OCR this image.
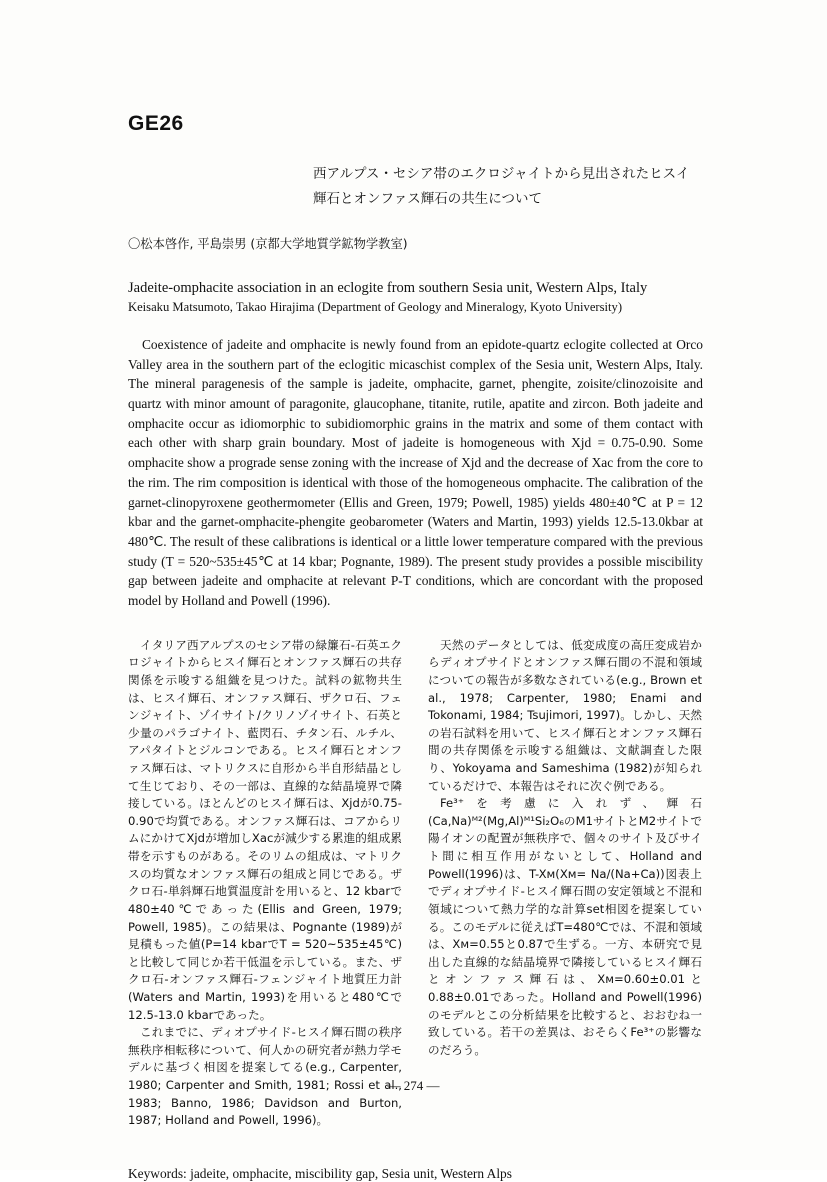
GE26
西アルプス・セシア帯のエクロジャイトから見出されたヒスイ
輝石とオンファス輝石の共生について
〇松本啓作, 平島崇男 (京都大学地質学鉱物学教室)
Jadeite-omphacite association in an eclogite from southern Sesia unit, Western Alps, Italy
Keisaku Matsumoto, Takao Hirajima (Department of Geology and Mineralogy, Kyoto University)
Coexistence of jadeite and omphacite is newly found from an epidote-quartz eclogite collected at Orco Valley area in the southern part of the eclogitic micaschist complex of the Sesia unit, Western Alps, Italy. The mineral paragenesis of the sample is jadeite, omphacite, garnet, phengite, zoisite/clinozoisite and quartz with minor amount of paragonite, glaucophane, titanite, rutile, apatite and zircon. Both jadeite and omphacite occur as idiomorphic to subidiomorphic grains in the matrix and some of them contact with each other with sharp grain boundary. Most of jadeite is homogeneous with Xjd = 0.75-0.90. Some omphacite show a prograde sense zoning with the increase of Xjd and the decrease of Xac from the core to the rim. The rim composition is identical with those of the homogeneous omphacite. The calibration of the garnet-clinopyroxene geothermometer (Ellis and Green, 1979; Powell, 1985) yields 480±40℃ at P = 12 kbar and the garnet-omphacite-phengite geobarometer (Waters and Martin, 1993) yields 12.5-13.0kbar at 480℃. The result of these calibrations is identical or a little lower temperature compared with the previous study (T = 520~535±45℃ at 14 kbar; Pognante, 1989). The present study provides a possible miscibility gap between jadeite and omphacite at relevant P-T conditions, which are concordant with the proposed model by Holland and Powell (1996).

イタリア西アルプスのセシア帯の緑簾石-石英エクロジャイトからヒスイ輝石とオンファス輝石の共存関係を示唆する組織を見つけた。試料の鉱物共生は、ヒスイ輝石、オンファス輝石、ザクロ石、フェンジャイト、ゾイサイト/クリノゾイサイト、石英と少量のパラゴナイト、藍閃石、チタン石、ルチル、アパタイトとジルコンである。ヒスイ輝石とオンファス輝石は、マトリクスに自形から半自形結晶として生じており、その一部は、直線的な結晶境界で隣接している。ほとんどのヒスイ輝石は、Xjdが0.75-0.90で均質である。オンファス輝石は、コアからリムにかけてXjdが増加しXacが減少する累進的組成累帯を示すものがある。そのリムの組成は、マトリクスの均質なオンファス輝石の組成と同じである。ザクロ石-単斜輝石地質温度計を用いると、12 kbarで480±40℃であった(Ellis and Green, 1979; Powell, 1985)。この結果は、Pognante (1989)が見積もった値(P=14 kbarでT = 520~535±45℃)と比較して同じか若干低温を示している。また、ザクロ石-オンファス輝石-フェンジャイト地質圧力計(Waters and Martin, 1993)を用いると480℃で12.5-13.0 kbarであった。

これまでに、ディオプサイド-ヒスイ輝石間の秩序無秩序相転移について、何人かの研究者が熱力学モデルに基づく相図を提案してる(e.g., Carpenter, 1980; Carpenter and Smith, 1981; Rossi et al., 1983; Banno, 1986; Davidson and Burton, 1987; Holland and Powell, 1996)。

天然のデータとしては、低変成度の高圧変成岩からディオプサイドとオンファス輝石間の不混和領域についての報告が多数なされている(e.g., Brown et al., 1978; Carpenter, 1980; Enami and Tokonami, 1984; Tsujimori, 1997)。しかし、天然の岩石試料を用いて、ヒスイ輝石とオンファス輝石間の共存関係を示唆する組織は、文献調査した限り、Yokoyama and Sameshima (1982)が知られているだけで、本報告はそれに次ぐ例である。

Fe³⁺を考慮に入れず、輝石(Ca,Na)ᴹ²(Mg,Al)ᴹ¹Si₂O₆のM1サイトとM2サイトで陽イオンの配置が無秩序で、個々のサイト及びサイト間に相互作用がないとして、Holland and Powell(1996)は、T-Xм(Xм= Na/(Na+Ca))図表上でディオプサイド-ヒスイ輝石間の安定領域と不混和領域について熱力学的な計算set相図を提案している。このモデルに従えばT=480℃では、不混和領域は、Xм=0.55と0.87で生ずる。一方、本研究で見出した直線的な結晶境界で隣接しているヒスイ輝石とオンファス輝石は、Xм=0.60±0.01と0.88±0.01であった。Holland and Powell(1996)のモデルとこの分析結果を比較すると、おおむね一致している。若干の差異は、おそらくFe³⁺の影響なのだろう。

Keywords: jadeite, omphacite, miscibility gap, Sesia unit, Western Alps
— 274 —
